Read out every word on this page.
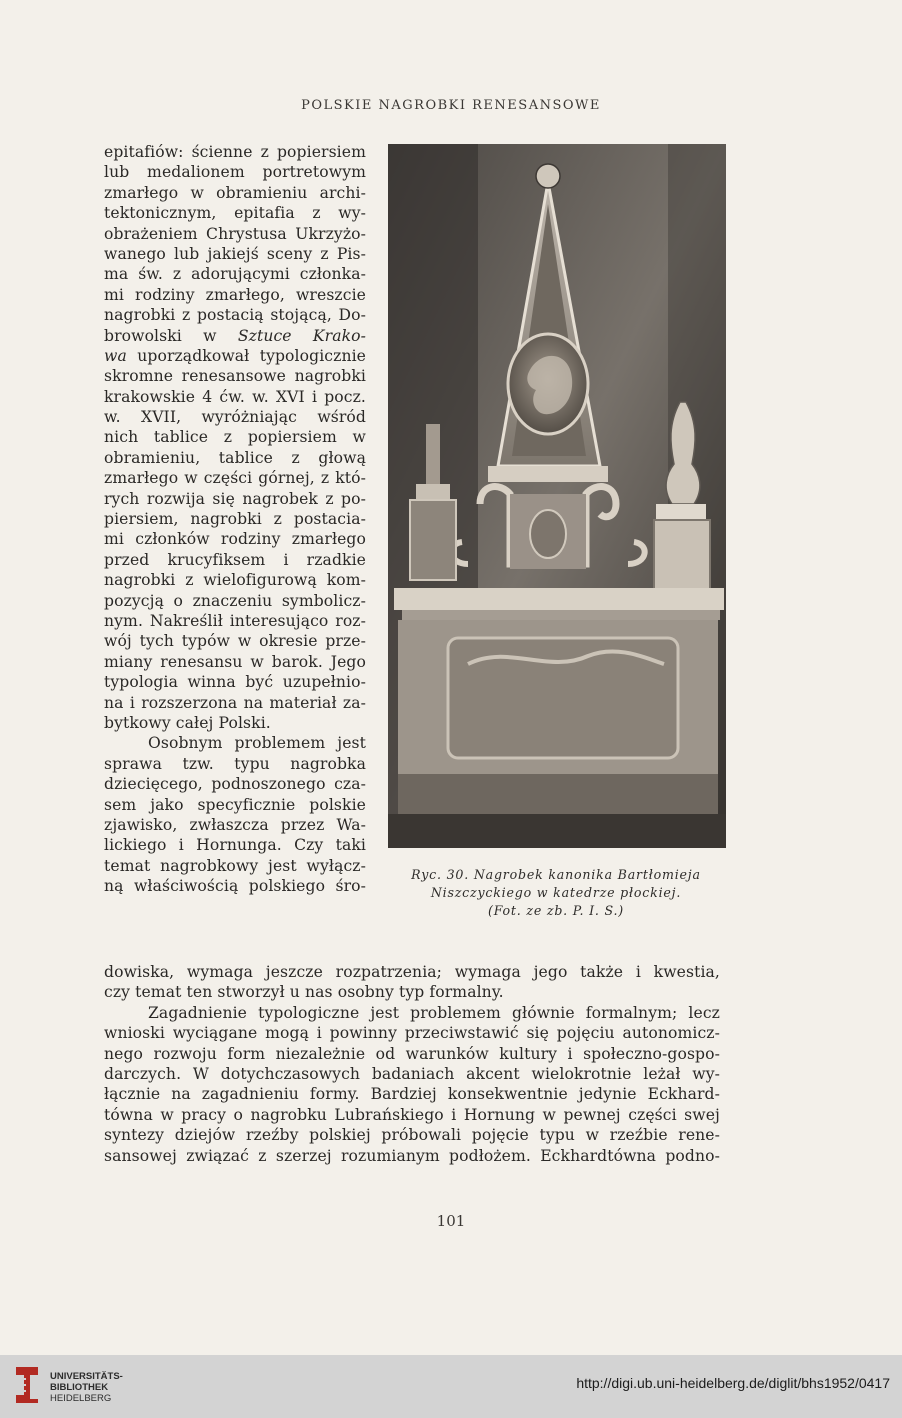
POLSKIE NAGROBKI RENESANSOWE
epitafiów: ścienne z popiersiem
lub medalionem portretowym
zmarłego w obramieniu archi-
tektonicznym, epitafia z wy-
obrażeniem Chrystusa Ukrzyżo-
wanego lub jakiejś sceny z Pis-
ma św. z adorującymi członka-
mi rodziny zmarłego, wreszcie
nagrobki z postacią stojącą, Do-
browolski w Sztuce Krako-
wa uporządkował typologicznie
skromne renesansowe nagrobki
krakowskie 4 ćw. w. XVI i pocz.
w. XVII, wyróżniając wśród
nich tablice z popiersiem w
obramieniu, tablice z głową
zmarłego w części górnej, z któ-
rych rozwija się nagrobek z po-
piersiem, nagrobki z postacia-
mi członków rodziny zmarłego
przed krucyfiksem i rzadkie
nagrobki z wielofigurową kom-
pozycją o znaczeniu symbolicz-
nym. Nakreślił interesująco roz-
wój tych typów w okresie prze-
miany renesansu w barok. Jego
typologia winna być uzupełnio-
na i rozszerzona na materiał za-
bytkowy całej Polski.
Osobnym problemem jest
sprawa tzw. typu nagrobka
dziecięcego, podnoszonego cza-
sem jako specyficznie polskie
zjawisko, zwłaszcza przez Wa-
lickiego i Hornunga. Czy taki
temat nagrobkowy jest wyłącz-
ną właściwością polskiego śro-
Ryc. 30. Nagrobek kanonika Bartłomieja
Niszczyckiego w katedrze płockiej.
(Fot. ze zb. P. I. S.)
dowiska, wymaga jeszcze rozpatrzenia; wymaga jego także i kwestia,
czy temat ten stworzył u nas osobny typ formalny.
Zagadnienie typologiczne jest problemem głównie formalnym; lecz
wnioski wyciągane mogą i powinny przeciwstawić się pojęciu autonomicz-
nego rozwoju form niezależnie od warunków kultury i społeczno-gospo-
darczych. W dotychczasowych badaniach akcent wielokrotnie leżał wy-
łącznie na zagadnieniu formy. Bardziej konsekwentnie jedynie Eckhard-
tówna w pracy o nagrobku Lubrańskiego i Hornung w pewnej części swej
syntezy dziejów rzeźby polskiej próbowali pojęcie typu w rzeźbie rene-
sansowej związać z szerzej rozumianym podłożem. Eckhardtówna podno-
101
UNIVERSITÄTS-
BIBLIOTHEK
HEIDELBERG
http://digi.ub.uni-heidelberg.de/diglit/bhs1952/0417
